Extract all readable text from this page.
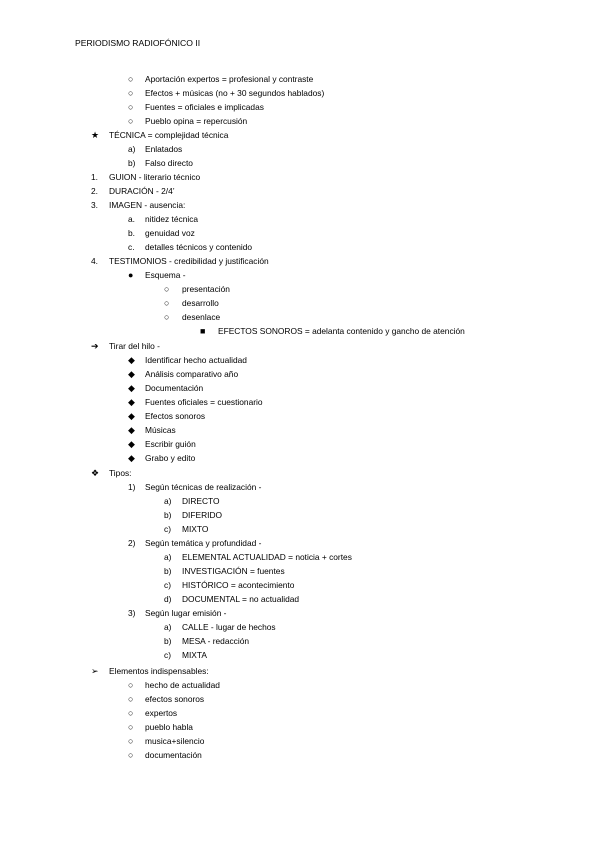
PERIODISMO RADIOFÓNICO II
○ Aportación expertos = profesional y contraste
○ Efectos + músicas (no + 30 segundos hablados)
○ Fuentes = oficiales e implicadas
○ Pueblo opina = repercusión
★ TÉCNICA = complejidad técnica
a) Enlatados
b) Falso directo
1. GUION - literario técnico
2. DURACIÓN - 2/4’
3. IMAGEN - ausencia:
a. nitidez técnica
b. genuidad voz
c. detalles técnicos y contenido
4. TESTIMONIOS - credibilidad y justificación
● Esquema -
○ presentación
○ desarrollo
○ desenlace
■ EFECTOS SONOROS = adelanta contenido y gancho de atención
➔ Tirar del hilo -
◆ Identificar hecho actualidad
◆ Análisis comparativo año
◆ Documentación
◆ Fuentes oficiales = cuestionario
◆ Efectos sonoros
◆ Músicas
◆ Escribir guión
◆ Grabo y edito
❖ Tipos:
1) Según técnicas de realización -
a) DIRECTO
b) DIFERIDO
c) MIXTO
2) Según temática y profundidad -
a) ELEMENTAL ACTUALIDAD = noticia + cortes
b) INVESTIGACIÓN = fuentes
c) HISTÓRICO = acontecimiento
d) DOCUMENTAL = no actualidad
3) Según lugar emisión -
a) CALLE - lugar de hechos
b) MESA - redacción
c) MIXTA
➢ Elementos indispensables:
○ hecho de actualidad
○ efectos sonoros
○ expertos
○ pueblo habla
○ musica+silencio
○ documentación
